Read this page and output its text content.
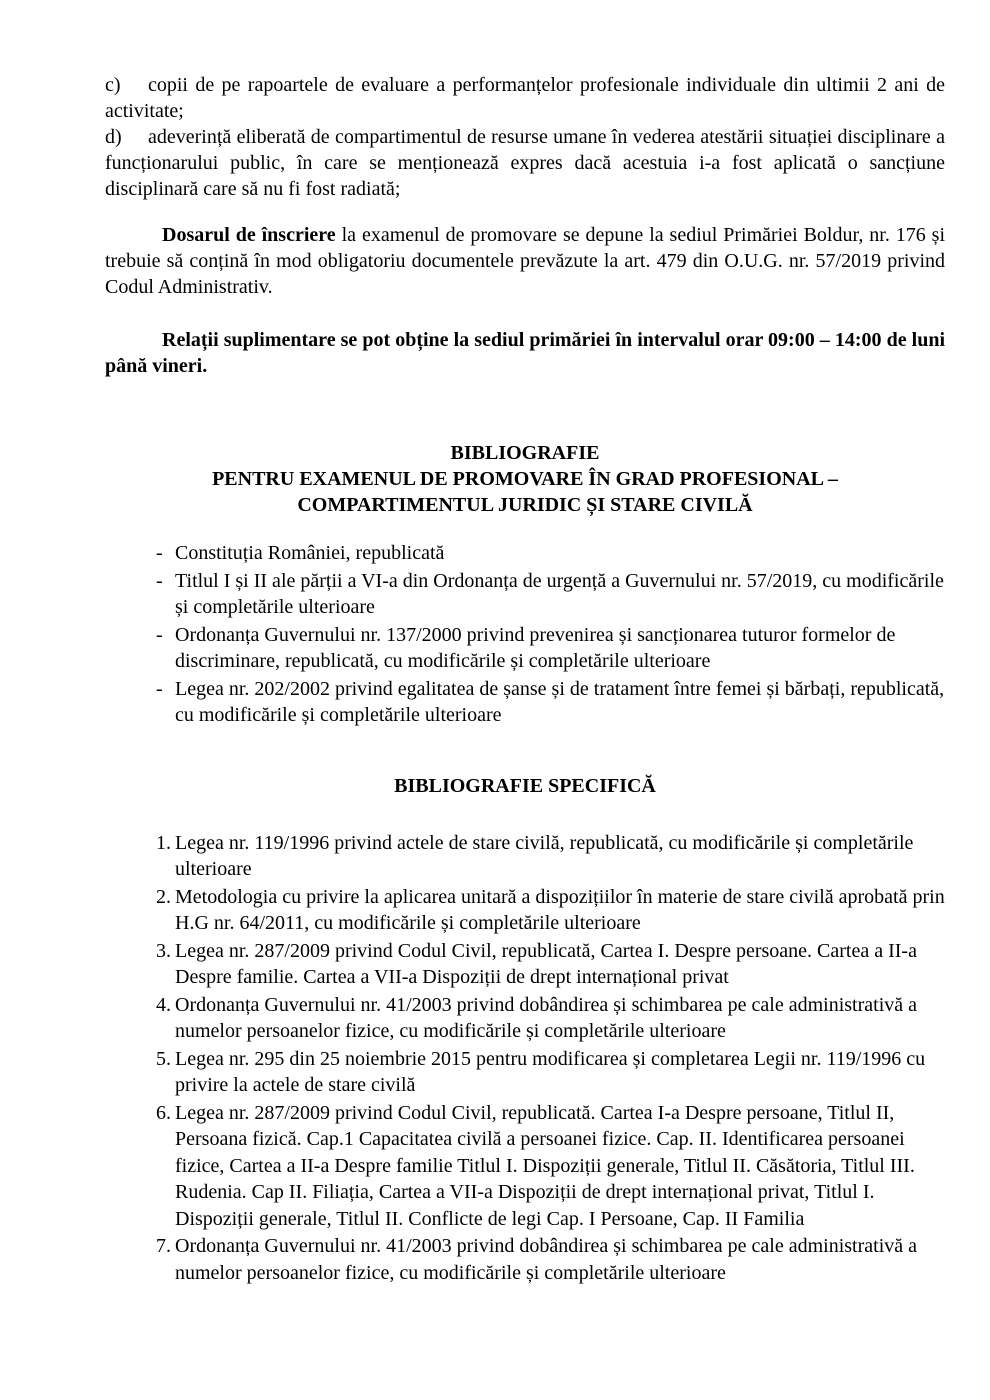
c) copii de pe rapoartele de evaluare a performanțelor profesionale individuale din ultimii 2 ani de activitate;

d) adeverință eliberată de compartimentul de resurse umane în vederea atestării situației disciplinare a funcționarului public, în care se menționează expres dacă acestuia i-a fost aplicată o sancțiune disciplinară care să nu fi fost radiată;

Dosarul de înscriere la examenul de promovare se depune la sediul Primăriei Boldur, nr. 176 și trebuie să conțină în mod obligatoriu documentele prevăzute la art. 479 din O.U.G. nr. 57/2019 privind Codul Administrativ.

Relații suplimentare se pot obține la sediul primăriei în intervalul orar 09:00 – 14:00 de luni până vineri.

BIBLIOGRAFIE
PENTRU EXAMENUL DE PROMOVARE ÎN GRAD PROFESIONAL –
COMPARTIMENTUL JURIDIC ȘI STARE CIVILĂ
- Constituția României, republicată
- Titlul I și II ale părții a VI-a din Ordonanța de urgență a Guvernului nr. 57/2019, cu modificările și completările ulterioare
- Ordonanța Guvernului nr. 137/2000 privind prevenirea și sancționarea tuturor formelor de discriminare, republicată, cu modificările și completările ulterioare
- Legea nr. 202/2002 privind egalitatea de șanse și de tratament între femei și bărbați, republicată, cu modificările și completările ulterioare
BIBLIOGRAFIE SPECIFICĂ
1. Legea nr. 119/1996 privind actele de stare civilă, republicată, cu modificările și completările ulterioare
2. Metodologia cu privire la aplicarea unitară a dispozițiilor în materie de stare civilă aprobată prin H.G nr. 64/2011, cu modificările și completările ulterioare
3. Legea nr. 287/2009 privind Codul Civil, republicată, Cartea I. Despre persoane. Cartea a II-a Despre familie. Cartea a VII-a Dispoziții de drept internațional privat
4. Ordonanța Guvernului nr. 41/2003 privind dobândirea și schimbarea pe cale administrativă a numelor persoanelor fizice, cu modificările și completările ulterioare
5. Legea nr. 295 din 25 noiembrie 2015 pentru modificarea și completarea Legii nr. 119/1996 cu privire la actele de stare civilă
6. Legea nr. 287/2009 privind Codul Civil, republicată. Cartea I-a Despre persoane, Titlul II, Persoana fizică. Cap.1 Capacitatea civilă a persoanei fizice. Cap. II. Identificarea persoanei fizice, Cartea a II-a Despre familie Titlul I. Dispoziții generale, Titlul II. Căsătoria, Titlul III. Rudenia. Cap II. Filiația, Cartea a VII-a Dispoziții de drept internațional privat, Titlul I. Dispoziții generale, Titlul II. Conflicte de legi Cap. I Persoane, Cap. II Familia
7. Ordonanța Guvernului nr. 41/2003 privind dobândirea și schimbarea pe cale administrativă a numelor persoanelor fizice, cu modificările și completările ulterioare
